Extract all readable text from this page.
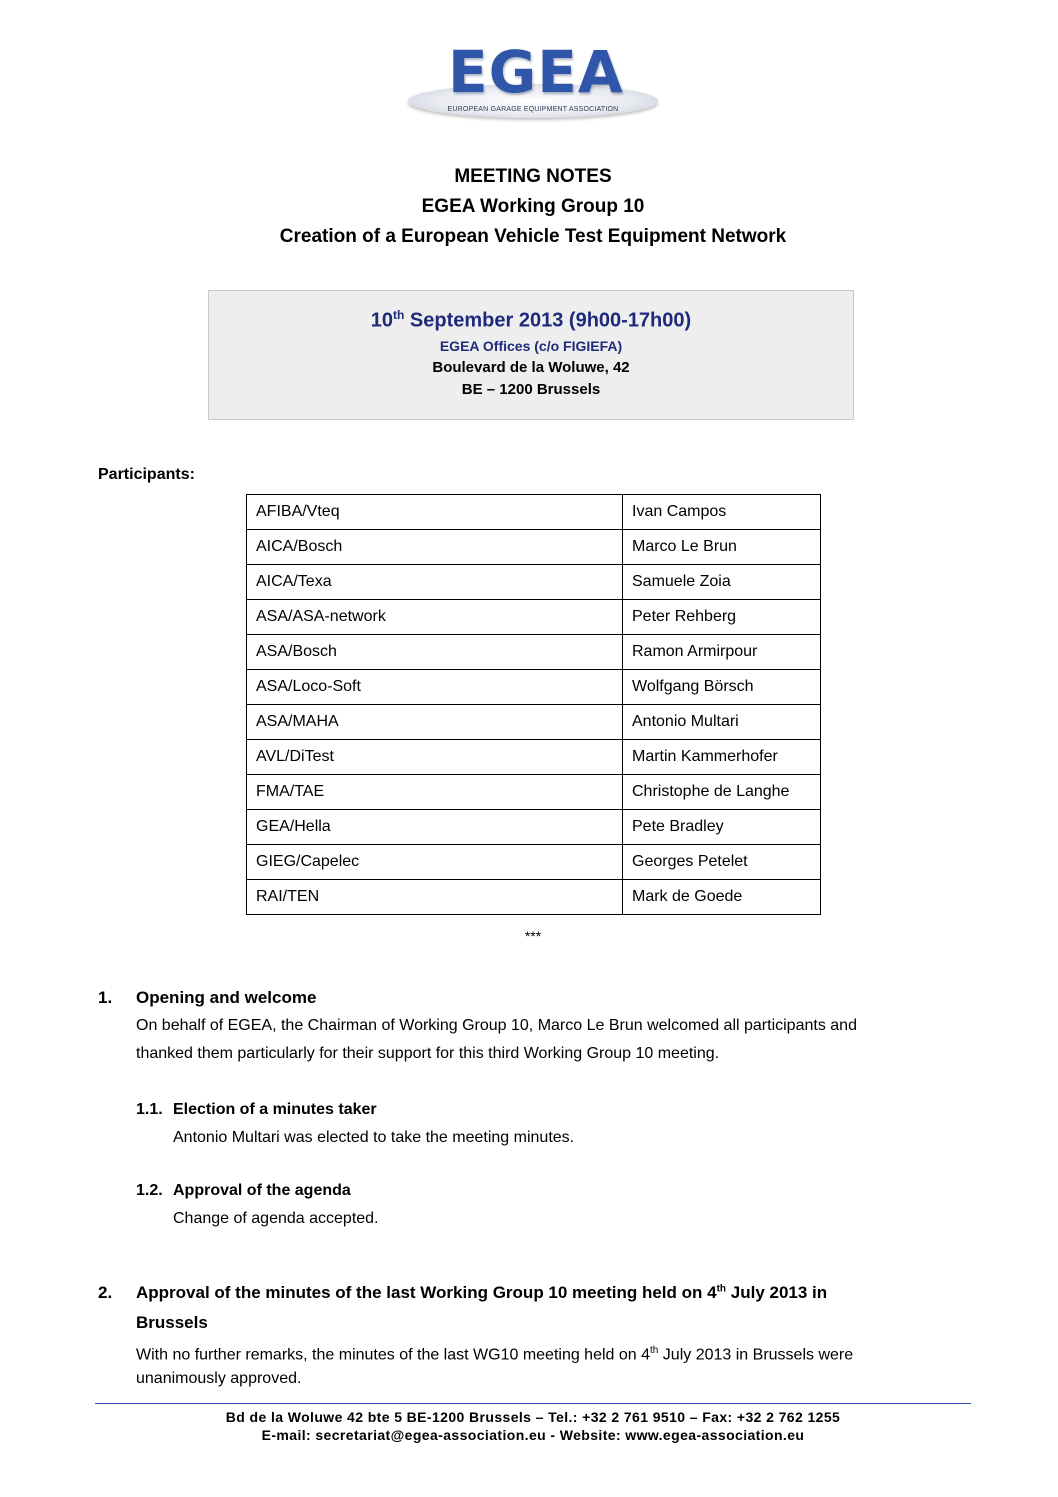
EGEA
EUROPEAN GARAGE EQUIPMENT ASSOCIATION
MEETING NOTES
EGEA Working Group 10
Creation of a European Vehicle Test Equipment Network
10th September 2013 (9h00-17h00)
EGEA Offices (c/o FIGIEFA)
Boulevard de la Woluwe, 42
BE – 1200 Brussels
Participants:
AFIBA/Vteq	Ivan Campos
AICA/Bosch	Marco Le Brun
AICA/Texa	Samuele Zoia
ASA/ASA-network	Peter Rehberg
ASA/Bosch	Ramon Armirpour
ASA/Loco-Soft	Wolfgang Börsch
ASA/MAHA	Antonio Multari
AVL/DiTest	Martin Kammerhofer
FMA/TAE	Christophe de Langhe
GEA/Hella	Pete Bradley
GIEG/Capelec	Georges Petelet
RAI/TEN	Mark de Goede
***
1. Opening and welcome
On behalf of EGEA, the Chairman of Working Group 10, Marco Le Brun welcomed all participants and
thanked them particularly for their support for this third Working Group 10 meeting.
1.1. Election of a minutes taker
Antonio Multari was elected to take the meeting minutes.
1.2. Approval of the agenda
Change of agenda accepted.
2. Approval of the minutes of the last Working Group 10 meeting held on 4th July 2013 in
Brussels
With no further remarks, the minutes of the last WG10 meeting held on 4th July 2013 in Brussels were
unanimously approved.
Bd de la Woluwe 42 bte 5 BE-1200 Brussels – Tel.: +32 2 761 9510 – Fax: +32 2 762 1255
E-mail: secretariat@egea-association.eu - Website: www.egea-association.eu
